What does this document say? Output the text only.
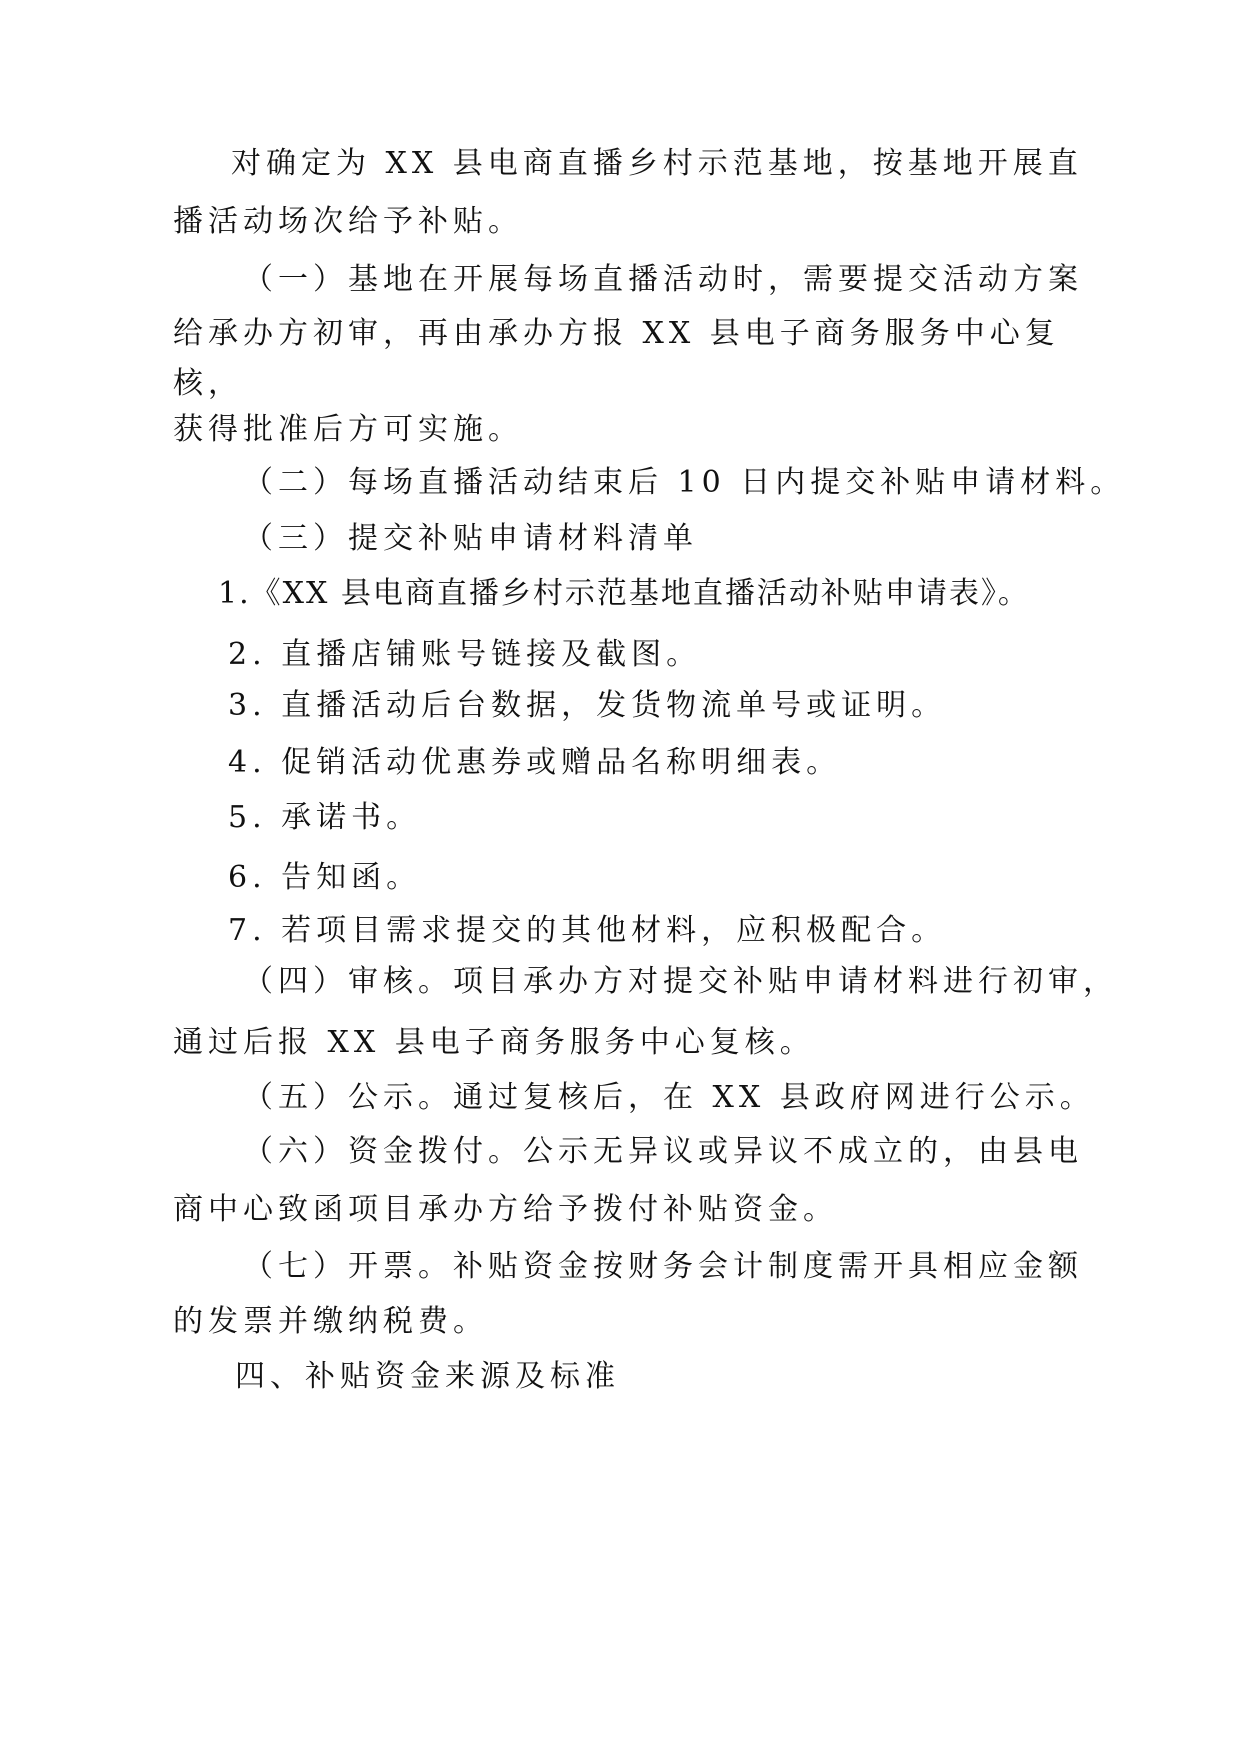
对确定为 XX 县电商直播乡村示范基地，按基地开展直
播活动场次给予补贴。
（一）基地在开展每场直播活动时，需要提交活动方案
给承办方初审，再由承办方报 XX 县电子商务服务中心复
核，
获得批准后方可实施。
（二）每场直播活动结束后 10 日内提交补贴申请材料。
（三）提交补贴申请材料清单
1.《XX 县电商直播乡村示范基地直播活动补贴申请表》。
2. 直播店铺账号链接及截图。
3. 直播活动后台数据，发货物流单号或证明。
4. 促销活动优惠券或赠品名称明细表。
5. 承诺书。
6. 告知函。
7. 若项目需求提交的其他材料，应积极配合。
（四）审核。项目承办方对提交补贴申请材料进行初审，
通过后报 XX 县电子商务服务中心复核。
（五）公示。通过复核后，在 XX 县政府网进行公示。
（六）资金拨付。公示无异议或异议不成立的，由县电
商中心致函项目承办方给予拨付补贴资金。
（七）开票。补贴资金按财务会计制度需开具相应金额
的发票并缴纳税费。
四、补贴资金来源及标准
